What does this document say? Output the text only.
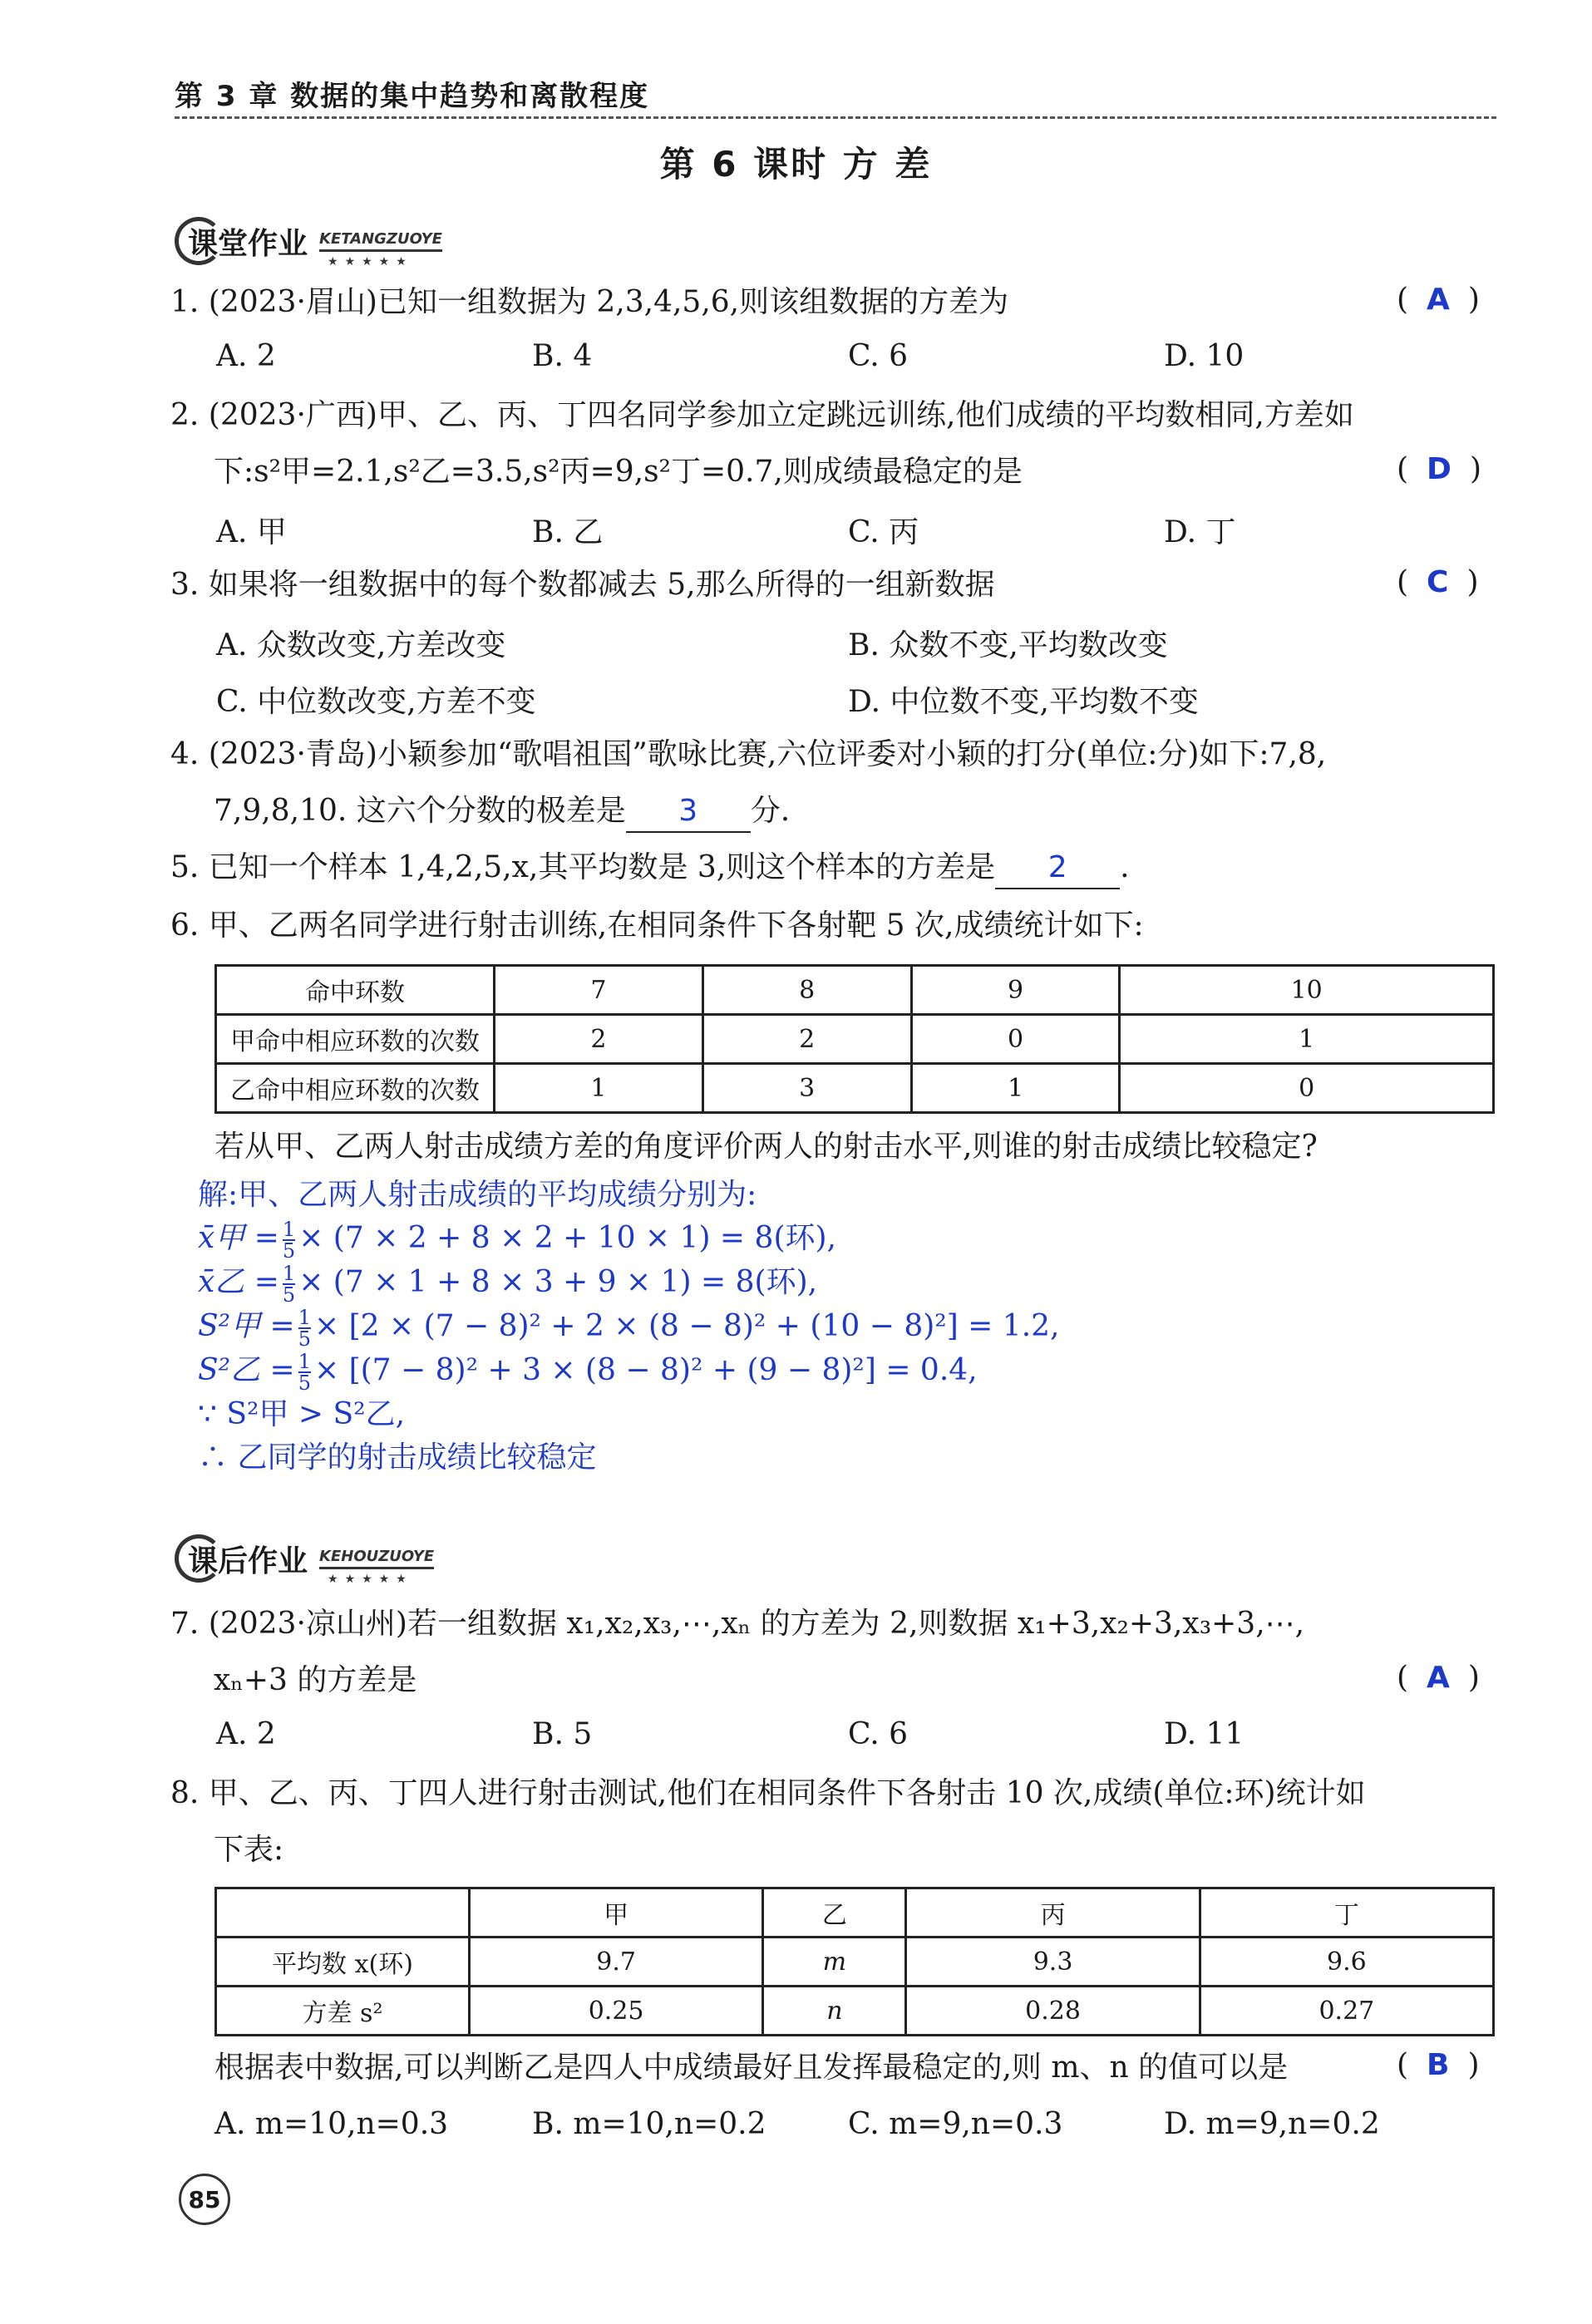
第 3 章 数据的集中趋势和离散程度
第 6 课时 方 差
课堂作业 KETANGZUOYE
★★★★★
1. (2023·眉山)已知一组数据为 2,3,4,5,6,则该组数据的方差为	( A )
A. 2	B. 4	C. 6	D. 10
2. (2023·广西)甲、乙、丙、丁四名同学参加立定跳远训练,他们成绩的平均数相同,方差如
下:s²甲=2.1,s²乙=3.5,s²丙=9,s²丁=0.7,则成绩最稳定的是	( D )
A. 甲	B. 乙	C. 丙	D. 丁
3. 如果将一组数据中的每个数都减去 5,那么所得的一组新数据	( C )
A. 众数改变,方差改变	B. 众数不变,平均数改变
C. 中位数改变,方差不变	D. 中位数不变,平均数不变
4. (2023·青岛)小颖参加“歌唱祖国”歌咏比赛,六位评委对小颖的打分(单位:分)如下:7,8,
7,9,8,10. 这六个分数的极差是 3 分.
5. 已知一个样本 1,4,2,5,x,其平均数是 3,则这个样本的方差是 2 .
6. 甲、乙两名同学进行射击训练,在相同条件下各射靶 5 次,成绩统计如下:
命中环数	7	8	9	10
甲命中相应环数的次数	2	2	0	1
乙命中相应环数的次数	1	3	1	0
若从甲、乙两人射击成绩方差的角度评价两人的射击水平,则谁的射击成绩比较稳定?
解:甲、乙两人射击成绩的平均成绩分别为:
x̄甲 = $\frac{1}{5} \times (7 \times 2 + 8 \times 2 + 10 \times 1) = 8$(环),
x̄乙 = $\frac{1}{5} \times (7 \times 1 + 8 \times 3 + 9 \times 1) = 8$(环),
S²甲 = $\frac{1}{5} \times [2 \times (7 - 8)^2 + 2 \times (8 - 8)^2 + (10 - 8)^2] = 1.2$,
S²乙 = $\frac{1}{5} \times [(7 - 8)^2 + 3 \times (8 - 8)^2 + (9 - 8)^2] = 0.4$,
∵ S²甲 > S²乙,
∴ 乙同学的射击成绩比较稳定
课后作业 KEHOUZUOYE
★★★★★
7. (2023·凉山州)若一组数据 x₁,x₂,x₃,⋯,xₙ 的方差为 2,则数据 x₁+3,x₂+3,x₃+3,⋯,
xₙ+3 的方差是	( A )
A. 2	B. 5	C. 6	D. 11
8. 甲、乙、丙、丁四人进行射击测试,他们在相同条件下各射击 10 次,成绩(单位:环)统计如
下表:
	甲	乙	丙	丁
平均数 x(环)	9.7	m	9.3	9.6
方差 s²	0.25	n	0.28	0.27
根据表中数据,可以判断乙是四人中成绩最好且发挥最稳定的,则 m、n 的值可以是	( B )
A. m=10,n=0.3	B. m=10,n=0.2	C. m=9,n=0.3	D. m=9,n=0.2
85
